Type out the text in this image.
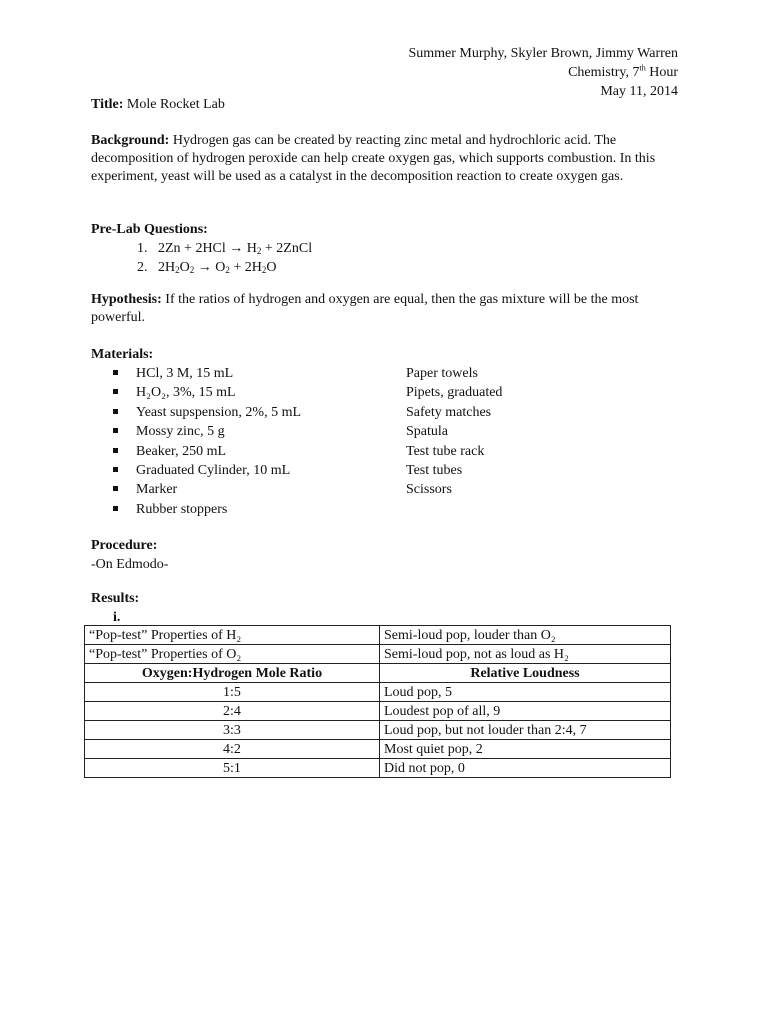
Summer Murphy, Skyler Brown, Jimmy Warren
Chemistry, 7th Hour
May 11, 2014
Title: Mole Rocket Lab
Background: Hydrogen gas can be created by reacting zinc metal and hydrochloric acid. The decomposition of hydrogen peroxide can help create oxygen gas, which supports combustion. In this experiment, yeast will be used as a catalyst in the decomposition reaction to create oxygen gas.
Pre-Lab Questions:
1. $2Zn + 2HCl \to H_2$ + 2ZnCl
2. $2H_2O_2 \to O_2 + 2H_2O$
Hypothesis: If the ratios of hydrogen and oxygen are equal, then the gas mixture will be the most powerful.
Materials:
HCl, 3 M, 15 mL
H₂O₂, 3%, 15 mL
Yeast supspension, 2%, 5 mL
Mossy zinc, 5 g
Beaker, 250 mL
Graduated Cylinder, 10 mL
Marker
Rubber stoppers
Paper towels
Pipets, graduated
Safety matches
Spatula
Test tube rack
Test tubes
Scissors
Procedure:
-On Edmodo-
Results:
i.
“Pop-test” Properties of H₂	Semi-loud pop, louder than O₂
“Pop-test” Properties of O₂	Semi-loud pop, not as loud as H₂
Oxygen:Hydrogen Mole Ratio	Relative Loudness
1:5	Loud pop, 5
2:4	Loudest pop of all, 9
3:3	Loud pop, but not louder than 2:4, 7
4:2	Most quiet pop, 2
5:1	Did not pop, 0
